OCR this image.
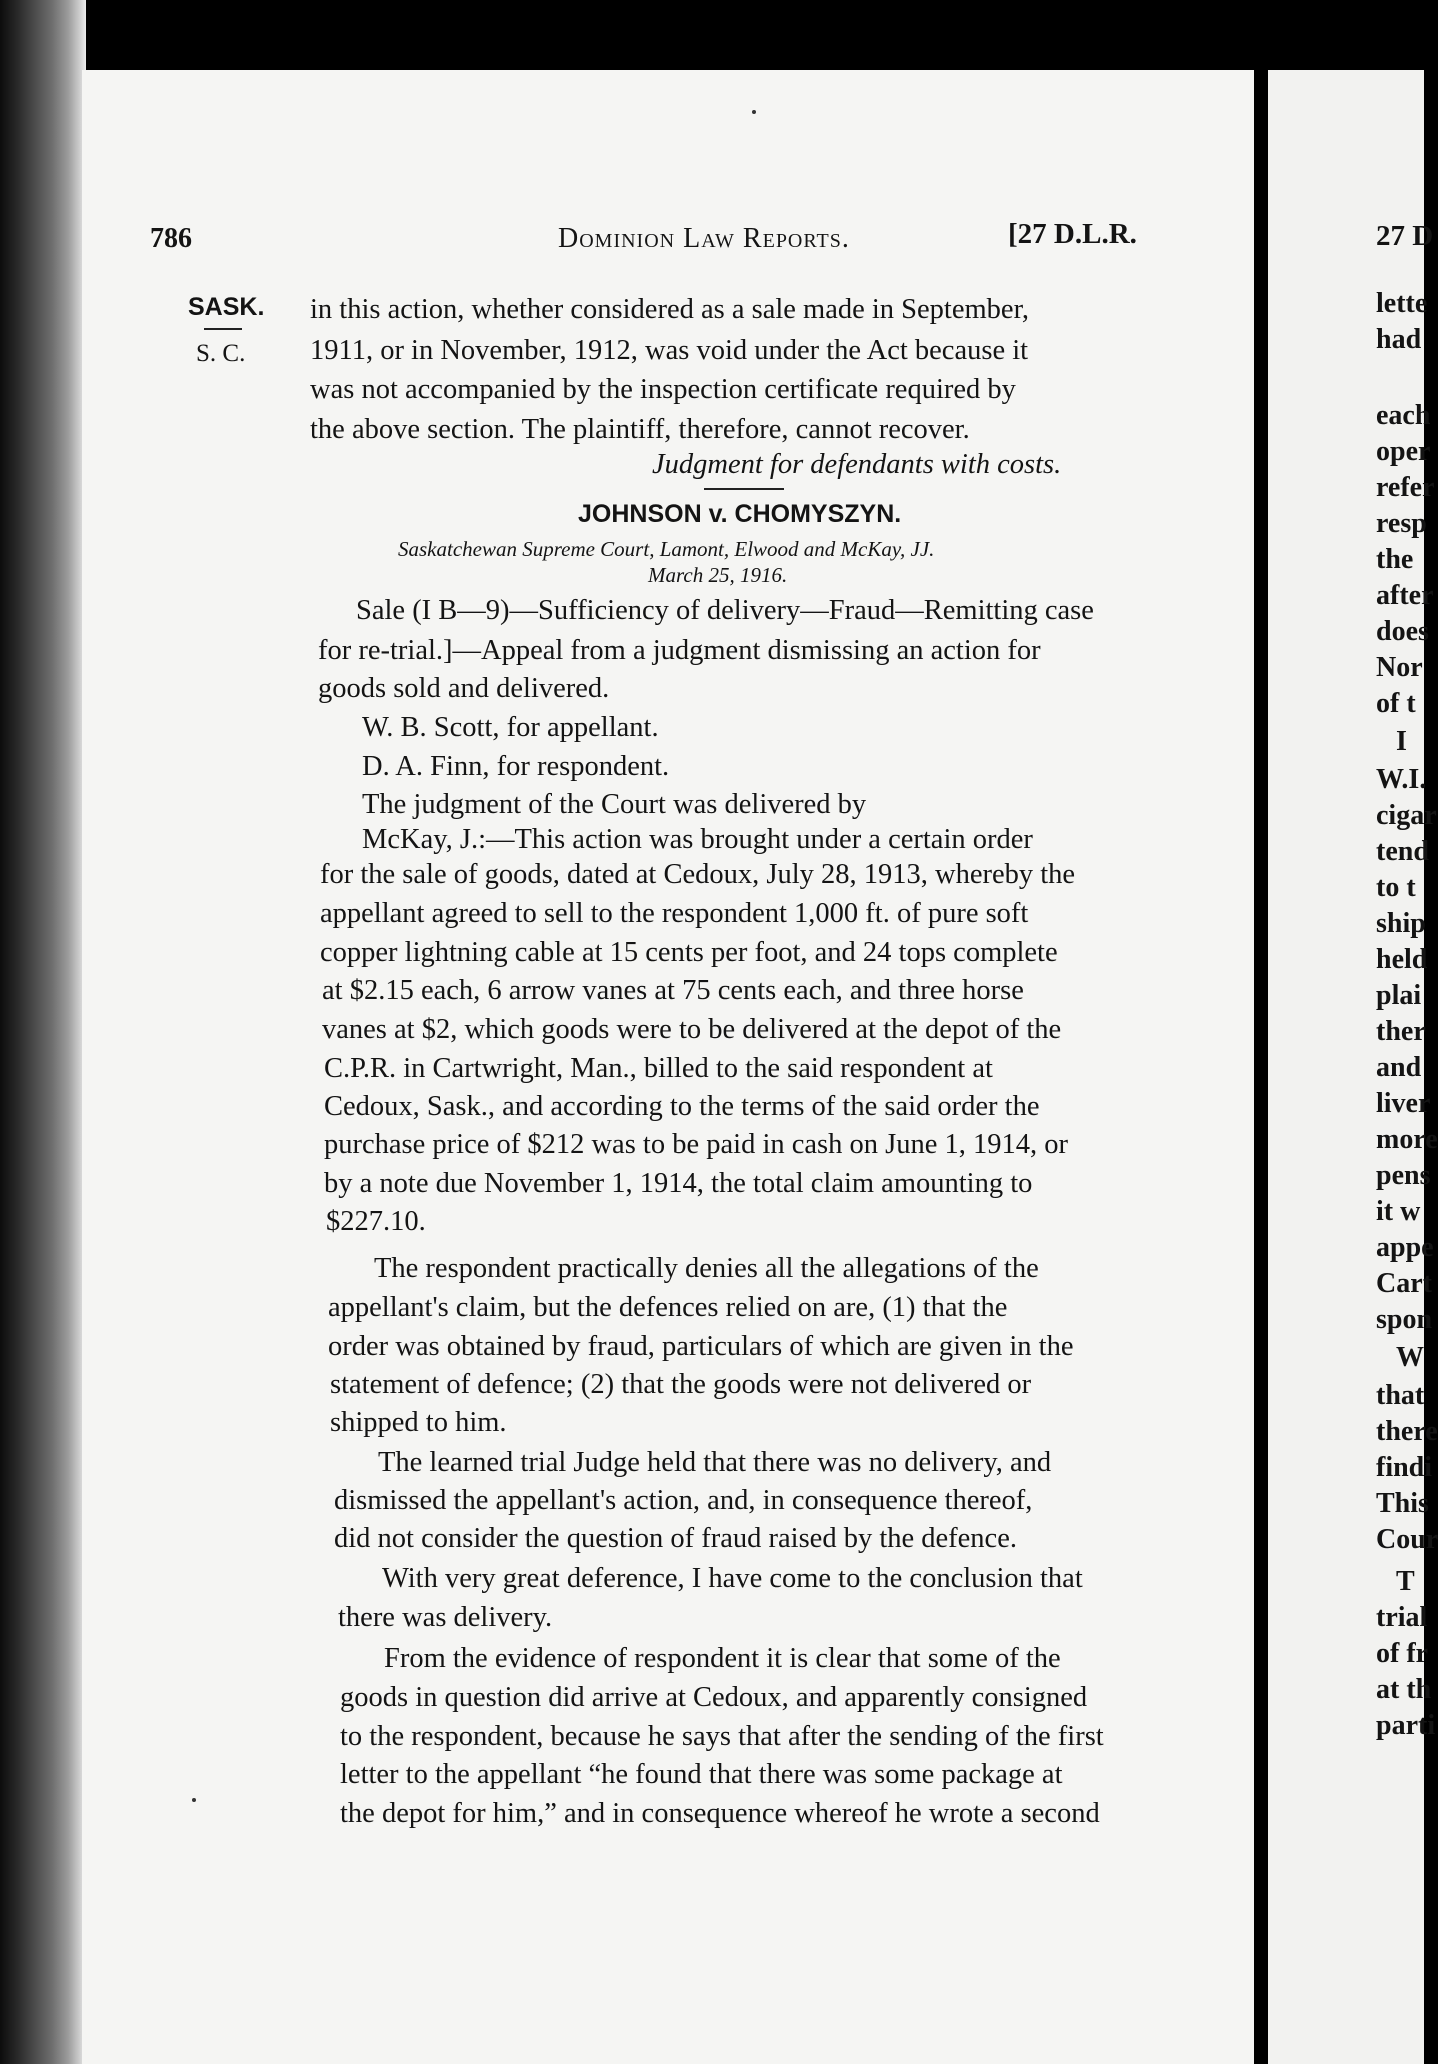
27 D
lette
had
each
oper
refer
resp
the
after
does
Nor
of t
I
W.I.
cigar
tend
to t
ship
held
plai
ther
and
liver
more
pens
it w
appe
Cart
spon
W
that
there
findi
This
Cour
T
trial
of fr
at th
parti
786	Dominion Law Reports.	[27 D.L.R.
SASK.
S. C.
in this action, whether considered as a sale made in September,
1911, or in November, 1912, was void under the Act because it
was not accompanied by the inspection certificate required by
the above section. The plaintiff, therefore, cannot recover.
Judgment for defendants with costs.
JOHNSON v. CHOMYSZYN.
Saskatchewan Supreme Court, Lamont, Elwood and McKay, JJ.
March 25, 1916.
Sale (I B—9)—Sufficiency of delivery—Fraud—Remitting case
for re-trial.]—Appeal from a judgment dismissing an action for
goods sold and delivered.
W. B. Scott, for appellant.
D. A. Finn, for respondent.
The judgment of the Court was delivered by
McKay, J.:—This action was brought under a certain order
for the sale of goods, dated at Cedoux, July 28, 1913, whereby the
appellant agreed to sell to the respondent 1,000 ft. of pure soft
copper lightning cable at 15 cents per foot, and 24 tops complete
at $2.15 each, 6 arrow vanes at 75 cents each, and three horse
vanes at $2, which goods were to be delivered at the depot of the
C.P.R. in Cartwright, Man., billed to the said respondent at
Cedoux, Sask., and according to the terms of the said order the
purchase price of $212 was to be paid in cash on June 1, 1914, or
by a note due November 1, 1914, the total claim amounting to
$227.10.
The respondent practically denies all the allegations of the
appellant's claim, but the defences relied on are, (1) that the
order was obtained by fraud, particulars of which are given in the
statement of defence; (2) that the goods were not delivered or
shipped to him.
The learned trial Judge held that there was no delivery, and
dismissed the appellant's action, and, in consequence thereof,
did not consider the question of fraud raised by the defence.
With very great deference, I have come to the conclusion that
there was delivery.
From the evidence of respondent it is clear that some of the
goods in question did arrive at Cedoux, and apparently consigned
to the respondent, because he says that after the sending of the first
letter to the appellant “he found that there was some package at
the depot for him,” and in consequence whereof he wrote a second
